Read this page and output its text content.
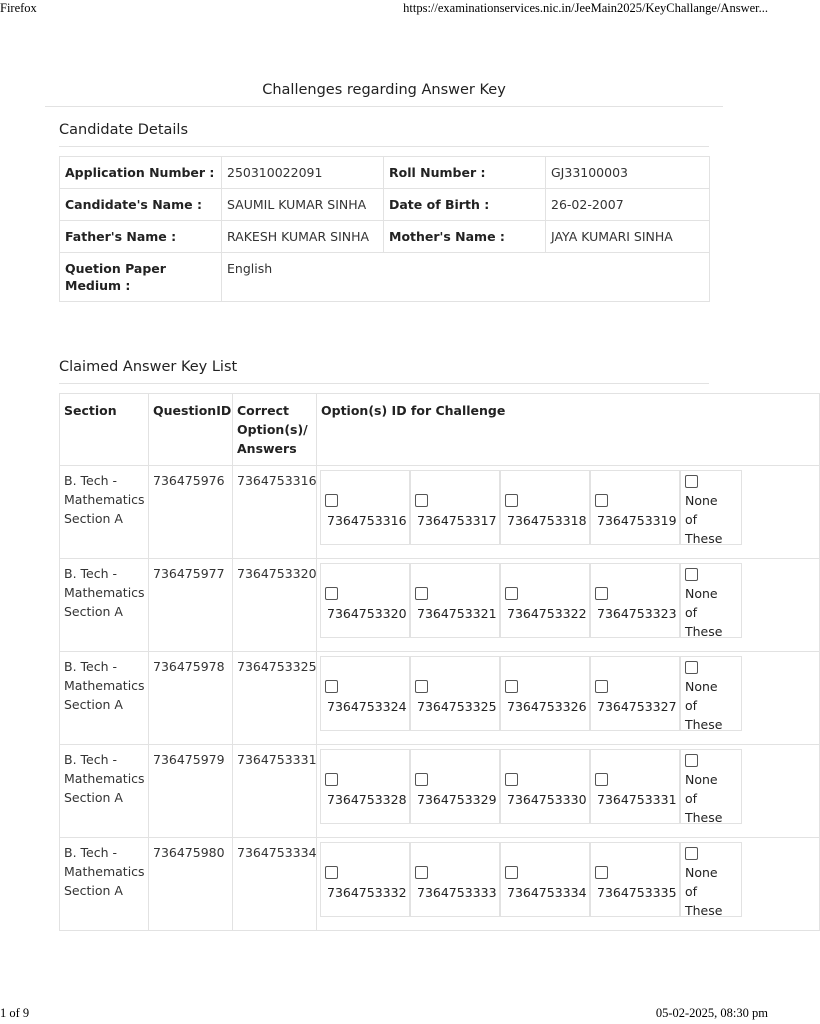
Firefox	https://examinationservices.nic.in/JeeMain2025/KeyChallange/Answer...
Challenges regarding Answer Key
Candidate Details
Application Number :	250310022091	Roll Number :	GJ33100003
Candidate's Name :	SAUMIL KUMAR SINHA	Date of Birth :	26-02-2007
Father's Name :	RAKESH KUMAR SINHA	Mother's Name :	JAYA KUMARI SINHA
Quetion Paper Medium :	English		
Claimed Answer Key List
Section	QuestionID	Correct Option(s)/ Answers	Option(s) ID for Challenge
B. Tech - Mathematics Section A	736475976	7364753316	7364753316 7364753317 7364753318 7364753319
None of These

B. Tech - Mathematics Section A	736475977	7364753320	7364753320 7364753321 7364753322 7364753323
None of These

B. Tech - Mathematics Section A	736475978	7364753325	7364753324 7364753325 7364753326 7364753327
None of These

B. Tech - Mathematics Section A	736475979	7364753331	7364753328 7364753329 7364753330 7364753331
None of These

B. Tech - Mathematics Section A	736475980	7364753334	7364753332 7364753333 7364753334 7364753335
None of These
1 of 9	05-02-2025, 08:30 pm
